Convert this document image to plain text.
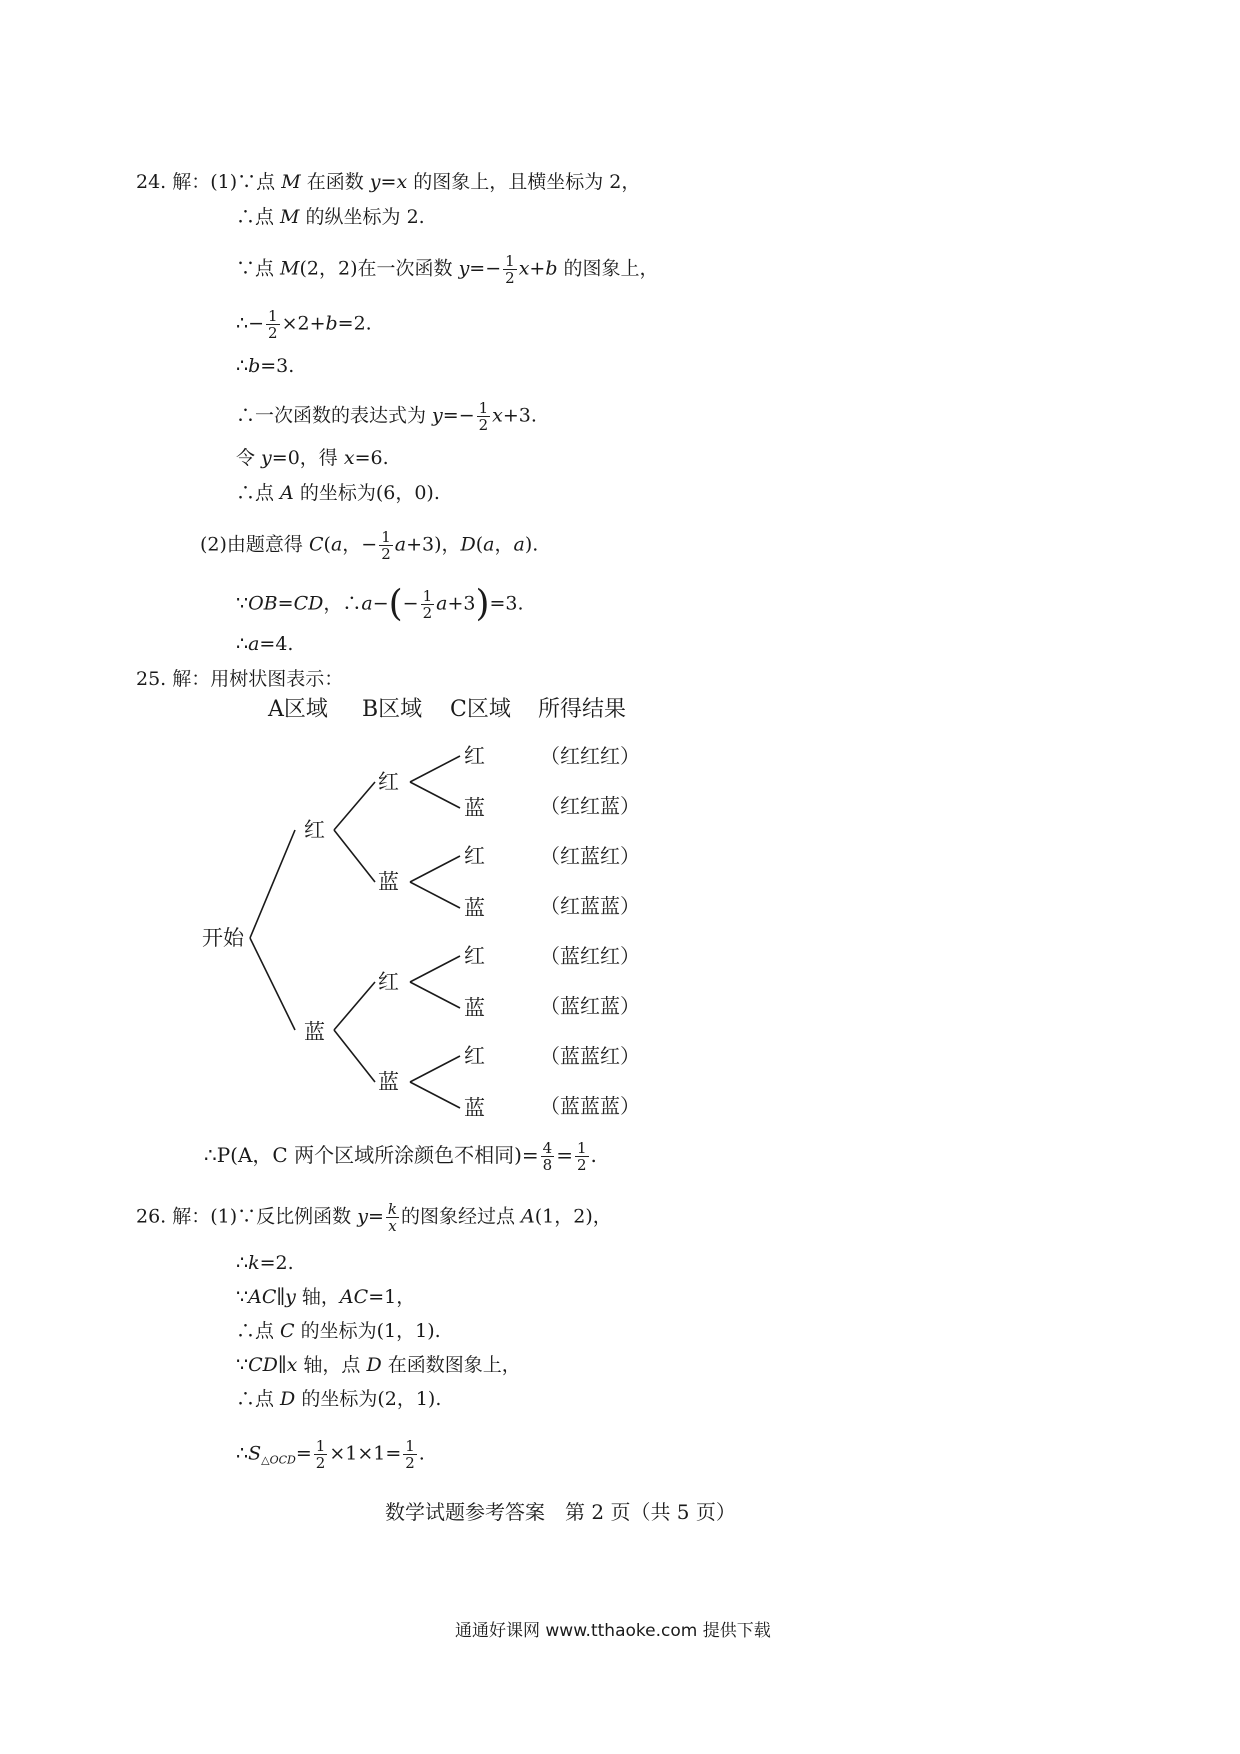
24. 解：(1)∵点 M 在函数 y=x 的图象上，且横坐标为 2，
∴点 M 的纵坐标为 2.
∵点 M(2，2)在一次函数 $y=- \frac{1}{2} x+b$ 的图象上，
∴− $\frac{1}{2} \times 2+b=2$.
∴b=3.
∴一次函数的表达式为 $y=- \frac{1}{2} x+3$.
令 y=0，得 x=6.
∴点 A 的坐标为(6，0).
(2)由题意得 C(a，− $\frac{1}{2} a+3$)，D(a，a).
∵OB=CD，∴a−(− $\frac{1}{2} a+3)=3$.
∴a=4.
25. 解：用树状图表示：
A区域 B区域 C区域 所得结果
开始
红
蓝
红
蓝
红
蓝
红
蓝
红
蓝
红
蓝
红
蓝
（红红红）
（红红蓝）
（红蓝红）
（红蓝蓝）
（蓝红红）
（蓝红蓝）
（蓝蓝红）
（蓝蓝蓝）
∴P(A，C 两个区域所涂颜色不相同)= $\frac{4}{8} = \frac{1}{2}$ .
26. 解：(1)∵反比例函数 $y= \frac{k}{x}$ 的图象经过点 A(1，2)，
∴k=2.
∵AC∥y 轴，AC=1，
∴点 C 的坐标为(1，1).
∵CD∥x 轴，点 D 在函数图象上，
∴点 D 的坐标为(2，1).
$\therefore S_{\triangle OCD}= \frac{1}{2} \times 1\times 1= \frac{1}{2}$ .
数学试题参考答案　第 2 页（共 5 页）
通通好课网 www.tthaoke.com 提供下载
